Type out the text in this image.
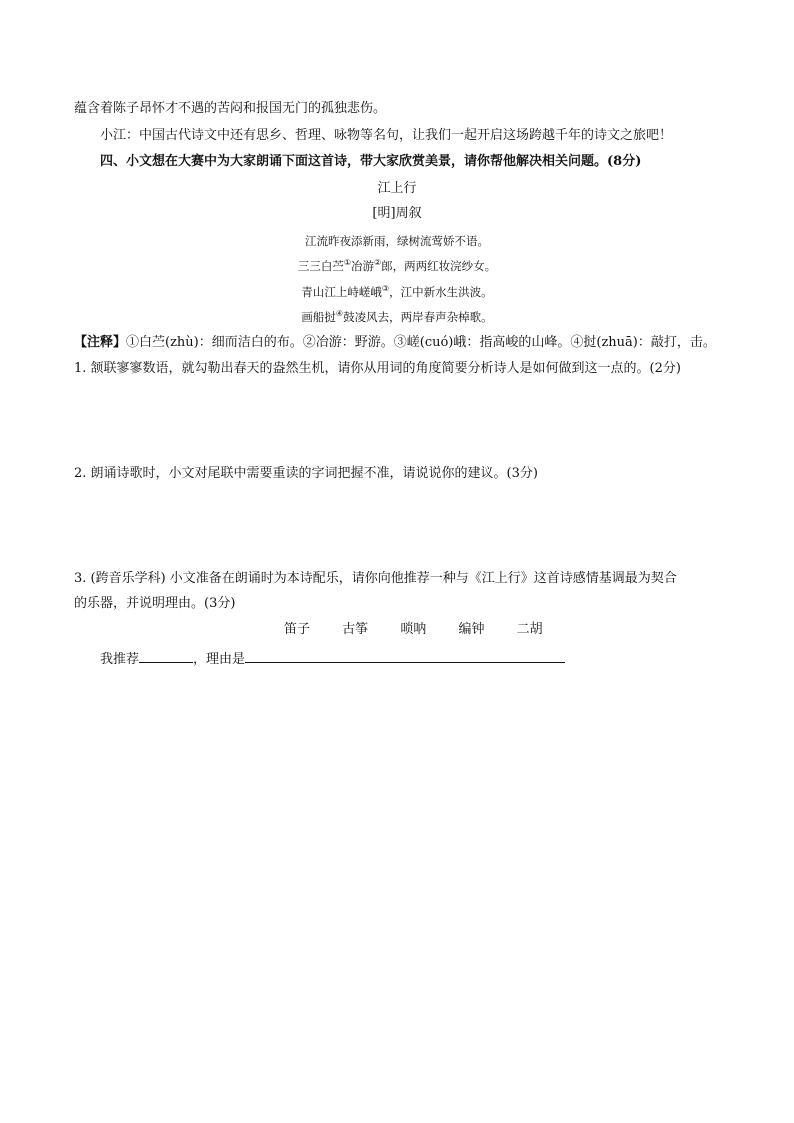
蕴含着陈子昂怀才不遇的苦闷和报国无门的孤独悲伤。
小江：中国古代诗文中还有思乡、哲理、咏物等名句，让我们一起开启这场跨越千年的诗文之旅吧！
四、小文想在大赛中为大家朗诵下面这首诗，带大家欣赏美景，请你帮他解决相关问题。(8分)
江上行
[明]周叙
江流昨夜添新雨，绿树流莺娇不语。
三三白苎①冶游②郎，两两红妆浣纱女。
青山江上峙嵯峨③，江中新水生洪波。
画船挝④鼓凌风去，两岸春声杂棹歌。
【注释】①白苎(zhù)：细而洁白的布。②冶游：野游。③嵯(cuó)峨：指高峻的山峰。④挝(zhuā)：敲打，击。
1. 颔联寥寥数语，就勾勒出春天的盎然生机，请你从用词的角度简要分析诗人是如何做到这一点的。(2分)
2. 朗诵诗歌时，小文对尾联中需要重读的字词把握不准，请说说你的建议。(3分)
3. (跨音乐学科) 小文准备在朗诵时为本诗配乐，请你向他推荐一种与《江上行》这首诗感情基调最为契合
的乐器，并说明理由。(3分)
笛子 古筝 唢呐 编钟 二胡
我推荐	，理由是
